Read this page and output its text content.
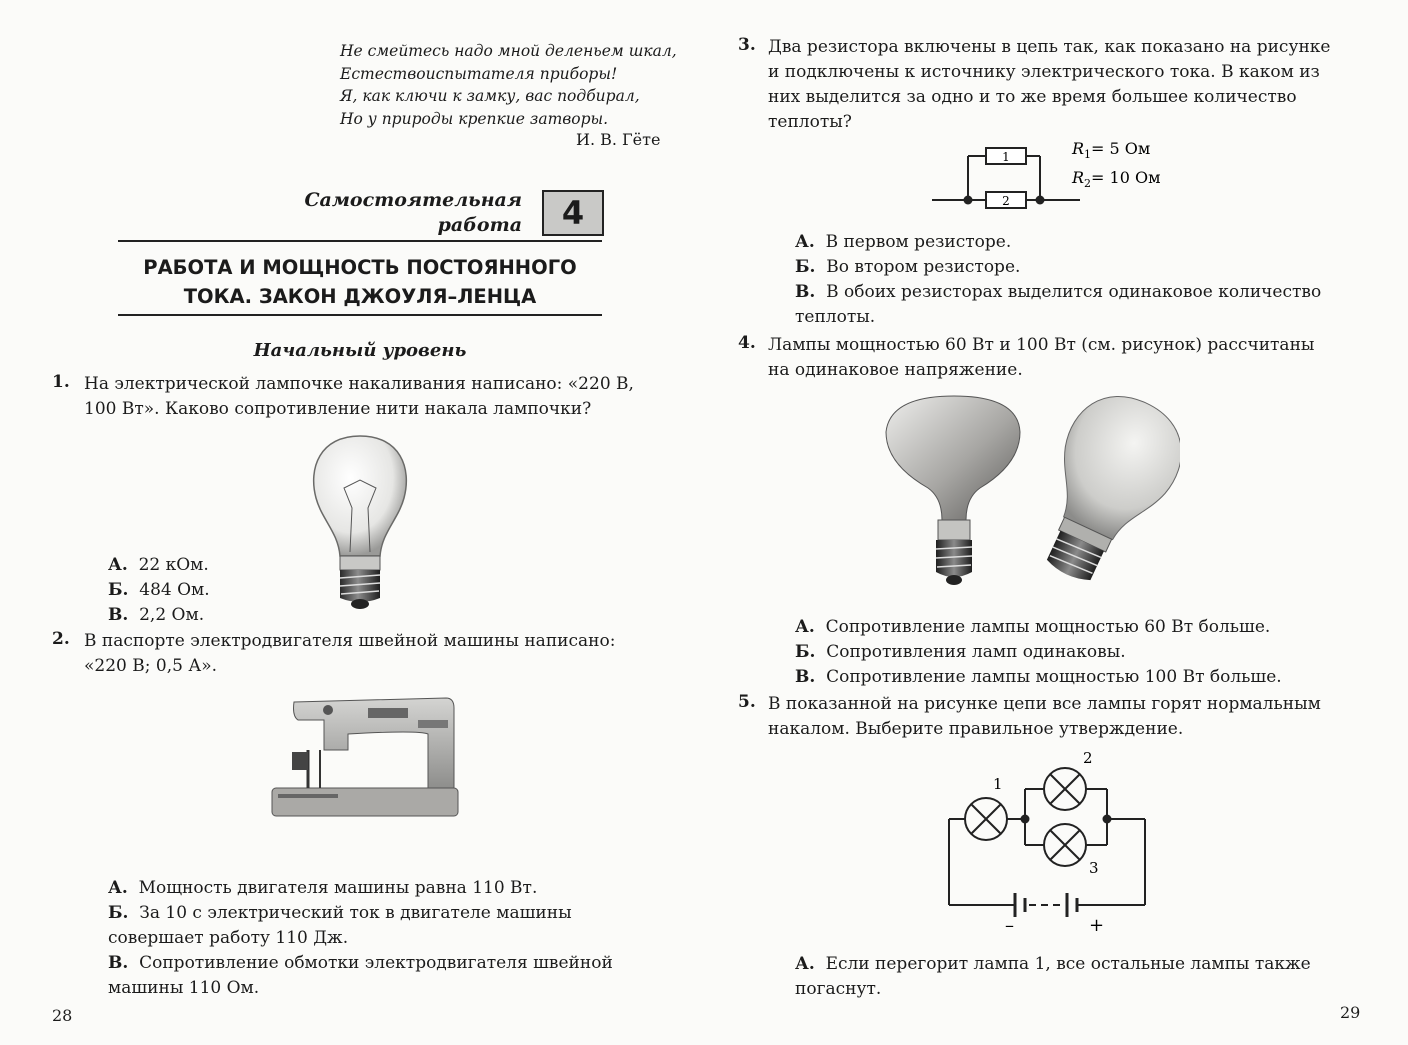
Не смейтесь надо мной деленьем шкал,
Естествоиспытателя приборы!
Я, как ключи к замку, вас подбирал,
Но у природы крепкие затворы.
И. В. Гёте
Самостоятельная
работа	4
РАБОТА И МОЩНОСТЬ ПОСТОЯННОГО
ТОКА. ЗАКОН ДЖОУЛЯ–ЛЕНЦА
Начальный уровень
1. На электрической лампочке накаливания написано: «220 В,
100 Вт». Каково сопротивление нити накала лампочки?
А. 22 кОм.
Б. 484 Ом.
В. 2,2 Ом.
2. В паспорте электродвигателя швейной машины написано:
«220 В; 0,5 А».
А. Мощность двигателя машины равна 110 Вт.
Б. За 10 с электрический ток в двигателе машины
совершает работу 110 Дж.
В. Сопротивление обмотки электродвигателя швейной
машины 110 Ом.
28
3. Два резистора включены в цепь так, как показано на рисунке
и подключены к источнику электрического тока. В каком из
них выделится за одно и то же время большее количество
теплоты?
1
2
$R_1= 5$ Ом
$R_2= 10$ Ом
А. В первом резисторе.
Б. Во втором резисторе.
В. В обоих резисторах выделится одинаковое количество
теплоты.
4. Лампы мощностью 60 Вт и 100 Вт (см. рисунок) рассчитаны
на одинаковое напряжение.
А. Сопротивление лампы мощностью 60 Вт больше.
Б. Сопротивления ламп одинаковы.
В. Сопротивление лампы мощностью 100 Вт больше.
5. В показанной на рисунке цепи все лампы горят нормальным
накалом. Выберите правильное утверждение.
1
2
3
–	+
А. Если перегорит лампа 1, все остальные лампы также
погаснут.
29
